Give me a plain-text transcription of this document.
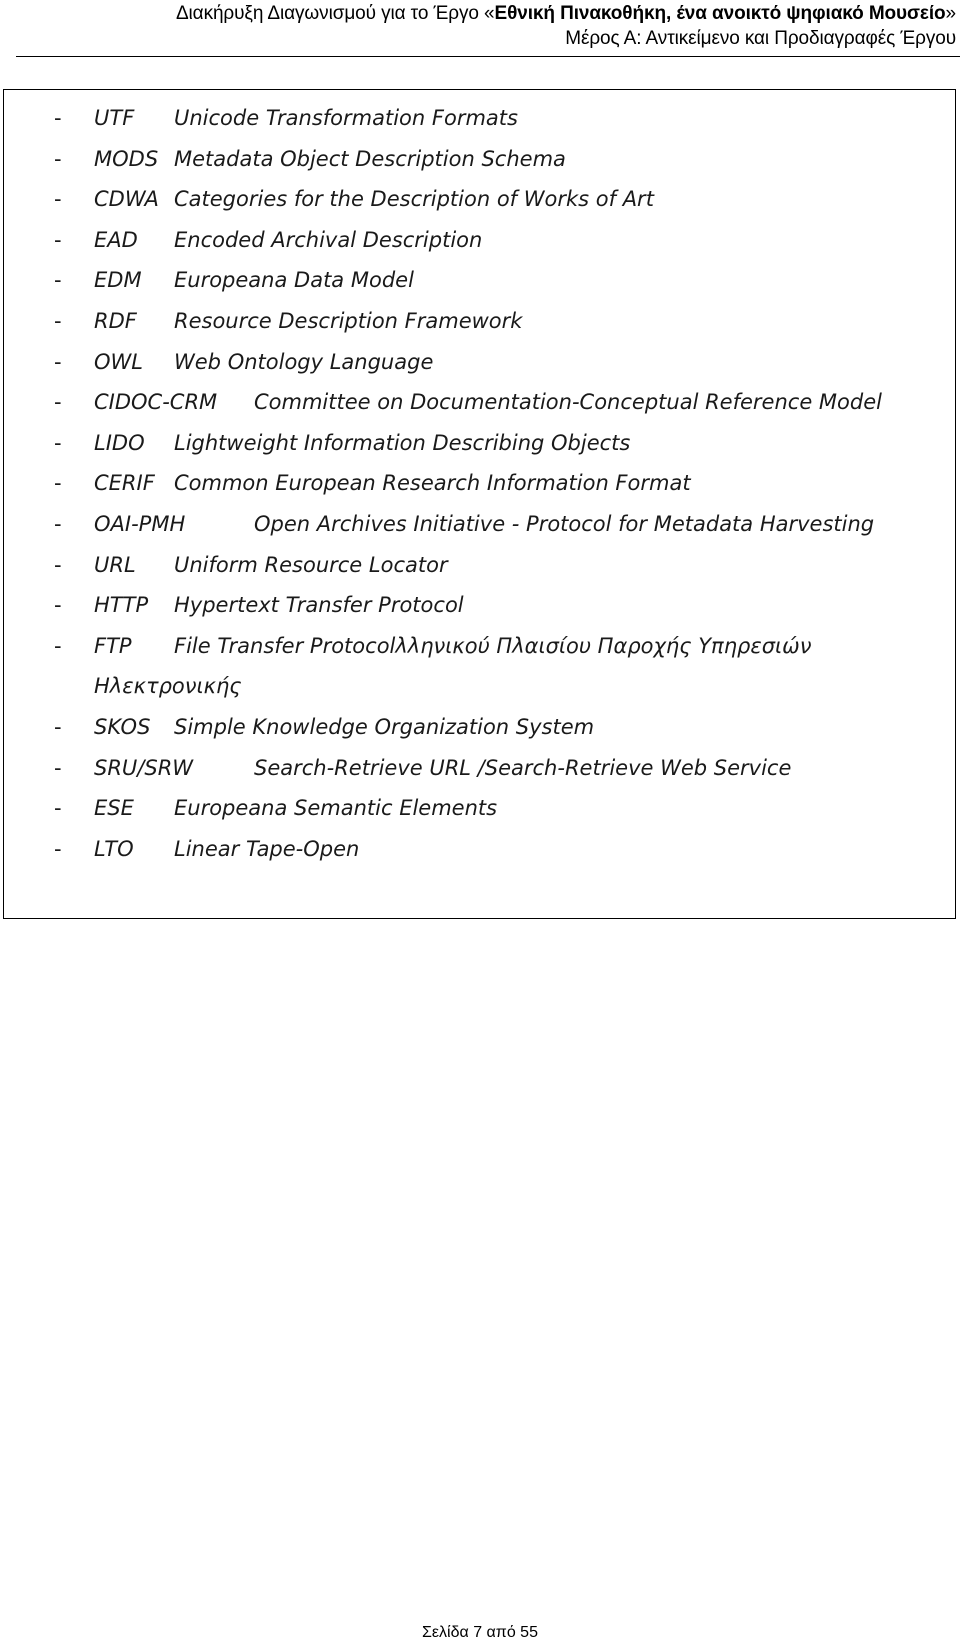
Διακήρυξη Διαγωνισμού για το Έργο «Εθνική Πινακοθήκη, ένα ανοικτό ψηφιακό Μουσείο»

Μέρος Α: Αντικείμενο και Προδιαγραφές Έργου

- UTF Unicode Transformation Formats
- MODS Metadata Object Description Schema
- CDWA Categories for the Description of Works of Art
- EAD Encoded Archival Description
- EDM Europeana Data Model
- RDF Resource Description Framework
- OWL Web Ontology Language
- CIDOC-CRM Committee on Documentation-Conceptual Reference Model
- LIDO Lightweight Information Describing Objects
- CERIF Common European Research Information Format
- OAI-PMH	Open Archives Initiative - Protocol for Metadata Harvesting
- URL Uniform Resource Locator
- HTTP Hypertext Transfer Protocol
- FTP File Transfer Protocolλληνικού Πλαισίου Παροχής Υπηρεσιών
Ηλεκτρονικής
- SKOS Simple Knowledge Organization System
- SRU/SRW	Search-Retrieve URL /Search-Retrieve Web Service
- ESE Europeana Semantic Elements
- LTO Linear Tape-Open
Σελίδα 7 από 55
